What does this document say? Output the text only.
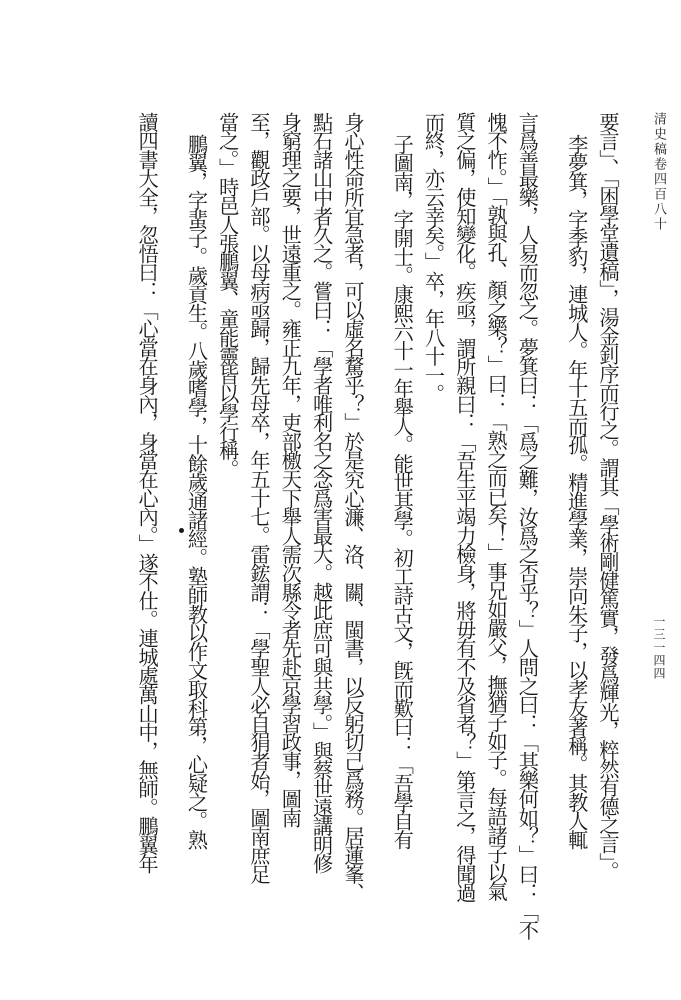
清史稿卷四百八十
一三一四四

要言」、「困學堂遺稿」，湯金釗序而行之。謂其「學術剛健篤實，發爲輝光，粹然有德之言」。

李夢箕，字季豹，連城人。年十五而孤。精進學業，崇向朱子，以孝友著稱。其教人輒

言爲善最樂，人易而忽之。夢箕曰：「爲之難，汝爲之否乎？」人問之曰：「其樂何如？」曰：「不

愧不怍。」「孰與孔、顏之樂？」曰：「熟之而已矣！」事兄如嚴父，撫猶子如子。每語諸子以氣

質之偏，使知變化。疾亟，謂所親曰：「吾生平竭力檢身，將毋有不及省者？」第言之，得聞過

而終，亦云幸矣。」卒，年八十一。

子圖南，字開士。康熙六十一年舉人。能世其學。初工詩古文，旣而歎曰：「吾學自有

身心性命所宜急者，可以虛名騖乎？」於是究心濂、洛、關、閩書，以反躬切己爲務。居蓮峯、

點石諸山中者久之。嘗曰：「學者唯利名之念爲害最大。越此庶可與共學。」與蔡世遠講明修

身窮理之要，世遠重之。雍正九年，吏部檄天下舉人需次縣令者先赴京學習政事，圖南

至，觀政戶部。以母病亟歸，歸先母卒，年五十七。雷鋐謂：「學聖人必自狷者始，圖南庶足

當之。」時邑人張鵬翼、童能靈皆以學行稱。

鵬翼，字蜚子。歲貢生。八歲嗜學，十餘歲通諸經。塾師教以作文取科第，心疑之。熟

讀四書大全，忽悟曰：「心當在身內，身當在心內。」遂不仕。連城處萬山中，無師。鵬翼年
